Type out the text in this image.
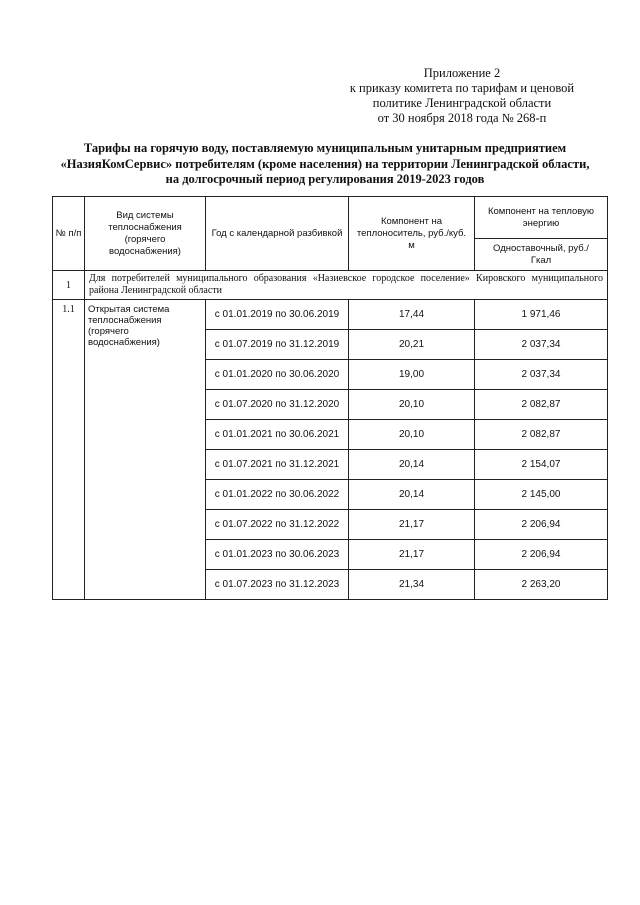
Приложение 2
к приказу комитета по тарифам и ценовой
политике Ленинградской области
от 30 ноября 2018 года № 268-п
Тарифы на горячую воду, поставляемую муниципальным унитарным предприятием
«НазияКомСервис» потребителям (кроме населения) на территории Ленинградской области,
на долгосрочный период регулирования 2019-2023 годов
№ п/п	Вид системы теплоснабжения (горячего водоснабжения)	Год с календарной разбивкой	Компонент на теплоноситель, руб./куб. м	Компонент на тепловую энергию
				Одноставочный, руб./Гкал
1	Для потребителей муниципального образования «Назиевское городское поселение» Кировского муниципального района Ленинградской области			
1.1	Открытая система теплоснабжения (горячего водоснабжения)	с 01.01.2019 по 30.06.2019	17,44	1 971,46
		с 01.07.2019 по 31.12.2019	20,21	2 037,34
		с 01.01.2020 по 30.06.2020	19,00	2 037,34
		с 01.07.2020 по 31.12.2020	20,10	2 082,87
		с 01.01.2021 по 30.06.2021	20,10	2 082,87
		с 01.07.2021 по 31.12.2021	20,14	2 154,07
		с 01.01.2022 по 30.06.2022	20,14	2 145,00
		с 01.07.2022 по 31.12.2022	21,17	2 206,94
		с 01.01.2023 по 30.06.2023	21,17	2 206,94
		с 01.07.2023 по 31.12.2023	21,34	2 263,20
